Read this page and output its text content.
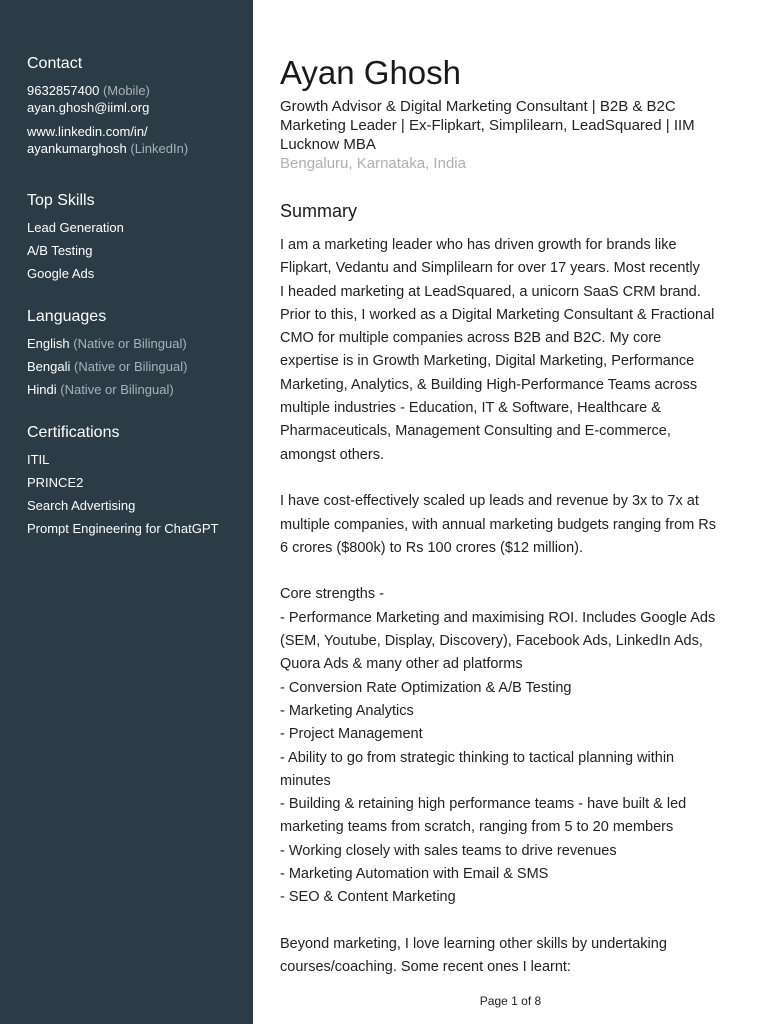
Contact
9632857400 (Mobile)
ayan.ghosh@iiml.org
www.linkedin.com/in/
ayankumarghosh (LinkedIn)
Top Skills
Lead Generation
A/B Testing
Google Ads
Languages
English (Native or Bilingual)
Bengali (Native or Bilingual)
Hindi (Native or Bilingual)
Certifications
ITIL
PRINCE2
Search Advertising
Prompt Engineering for ChatGPT
Ayan Ghosh
Growth Advisor & Digital Marketing Consultant | B2B & B2C
Marketing Leader | Ex-Flipkart, Simplilearn, LeadSquared | IIM
Lucknow MBA
Bengaluru, Karnataka, India
Summary
I am a marketing leader who has driven growth for brands like
Flipkart, Vedantu and Simplilearn for over 17 years. Most recently
I headed marketing at LeadSquared, a unicorn SaaS CRM brand.
Prior to this, I worked as a Digital Marketing Consultant & Fractional
CMO for multiple companies across B2B and B2C. My core
expertise is in Growth Marketing, Digital Marketing, Performance
Marketing, Analytics, & Building High-Performance Teams across
multiple industries - Education, IT & Software, Healthcare &
Pharmaceuticals, Management Consulting and E-commerce,
amongst others.
I have cost-effectively scaled up leads and revenue by 3x to 7x at
multiple companies, with annual marketing budgets ranging from Rs
6 crores ($800k) to Rs 100 crores ($12 million).
Core strengths -
- Performance Marketing and maximising ROI. Includes Google Ads
(SEM, Youtube, Display, Discovery), Facebook Ads, LinkedIn Ads,
Quora Ads & many other ad platforms
- Conversion Rate Optimization & A/B Testing
- Marketing Analytics
- Project Management
- Ability to go from strategic thinking to tactical planning within
minutes
- Building & retaining high performance teams - have built & led
marketing teams from scratch, ranging from 5 to 20 members
- Working closely with sales teams to drive revenues
- Marketing Automation with Email & SMS
- SEO & Content Marketing
Beyond marketing, I love learning other skills by undertaking
courses/coaching. Some recent ones I learnt:
Page 1 of 8
